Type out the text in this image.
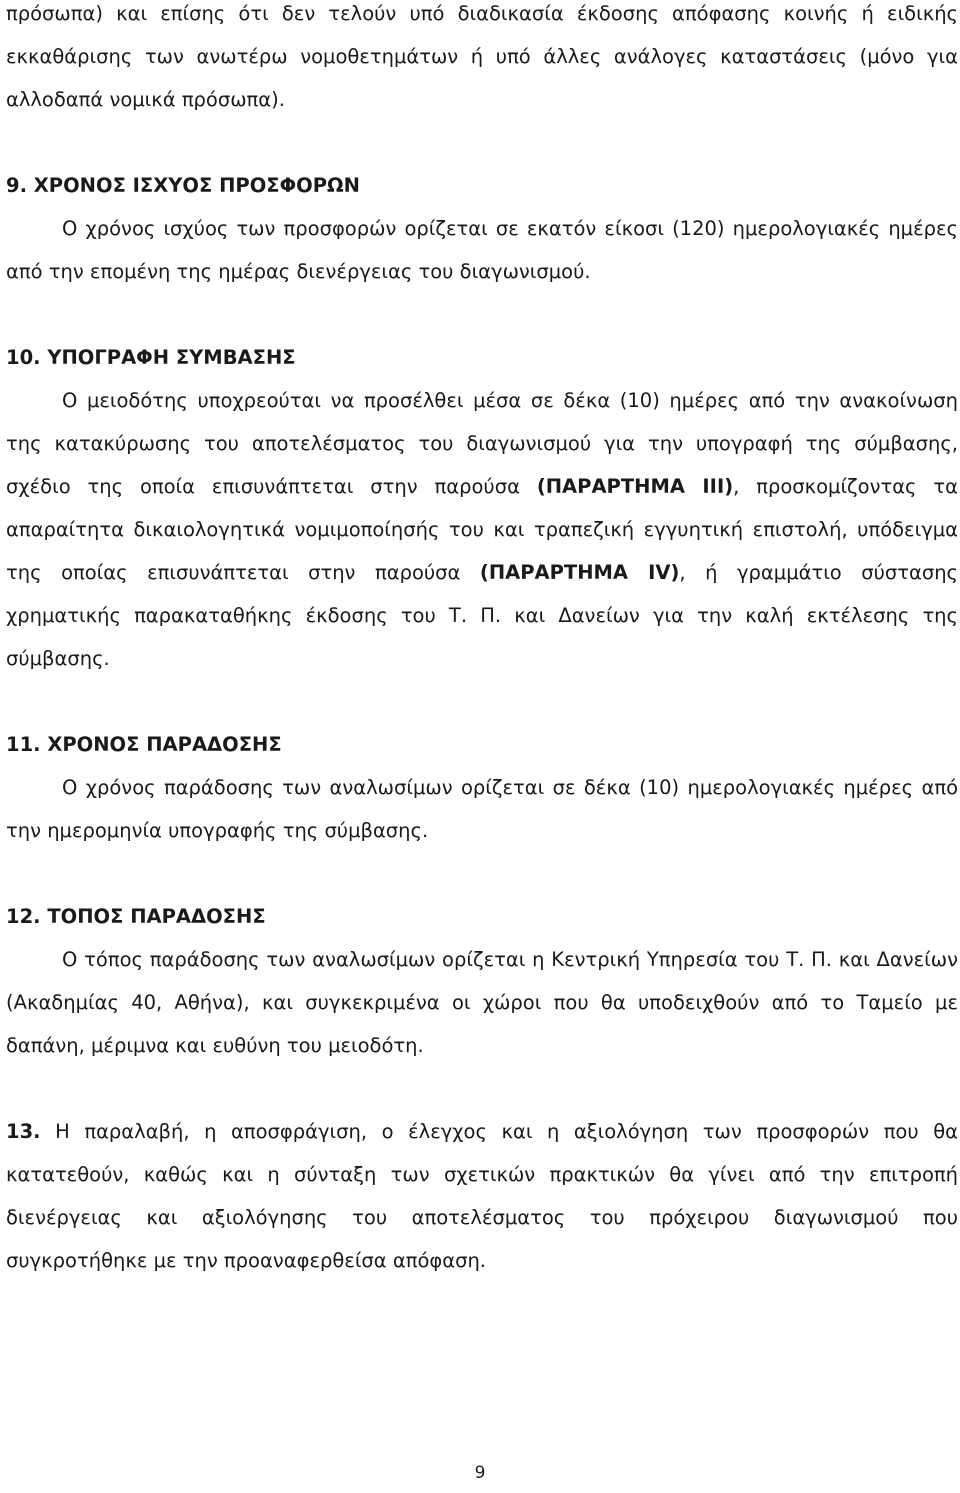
πρόσωπα) και επίσης ότι δεν τελούν υπό διαδικασία έκδοσης απόφασης κοινής ή ειδικής εκκαθάρισης των ανωτέρω νομοθετημάτων ή υπό άλλες ανάλογες καταστάσεις (μόνο για αλλοδαπά νομικά πρόσωπα).

9. ΧΡΟΝΟΣ ΙΣΧΥΟΣ ΠΡΟΣΦΟΡΩΝ

Ο χρόνος ισχύος των προσφορών ορίζεται σε εκατόν είκοσι (120) ημερολογιακές ημέρες από την επομένη της ημέρας διενέργειας του διαγωνισμού.

10. ΥΠΟΓΡΑΦΗ ΣΥΜΒΑΣΗΣ

Ο μειοδότης υποχρεούται να προσέλθει μέσα σε δέκα (10) ημέρες από την ανακοίνωση της κατακύρωσης του αποτελέσματος του διαγωνισμού για την υπογραφή της σύμβασης, σχέδιο της οποία επισυνάπτεται στην παρούσα (ΠΑΡΑΡΤΗΜΑ ΙΙΙ), προσκομίζοντας τα απαραίτητα δικαιολογητικά νομιμοποίησής του και τραπεζική εγγυητική επιστολή, υπόδειγμα της οποίας επισυνάπτεται στην παρούσα (ΠΑΡΑΡΤΗΜΑ IV), ή γραμμάτιο σύστασης χρηματικής παρακαταθήκης έκδοσης του Τ. Π. και Δανείων για την καλή εκτέλεσης της σύμβασης.

11. ΧΡΟΝΟΣ ΠΑΡΑΔΟΣΗΣ

Ο χρόνος παράδοσης των αναλωσίμων ορίζεται σε δέκα (10) ημερολογιακές ημέρες από την ημερομηνία υπογραφής της σύμβασης.

12. ΤΟΠΟΣ ΠΑΡΑΔΟΣΗΣ

Ο τόπος παράδοσης των αναλωσίμων ορίζεται η Κεντρική Υπηρεσία του Τ. Π. και Δανείων (Ακαδημίας 40, Αθήνα), και συγκεκριμένα οι χώροι που θα υποδειχθούν από το Ταμείο με δαπάνη, μέριμνα και ευθύνη του μειοδότη.

13. Η παραλαβή, η αποσφράγιση, ο έλεγχος και η αξιολόγηση των προσφορών που θα κατατεθούν, καθώς και η σύνταξη των σχετικών πρακτικών θα γίνει από την επιτροπή διενέργειας και αξιολόγησης του αποτελέσματος του πρόχειρου διαγωνισμού που συγκροτήθηκε με την προαναφερθείσα απόφαση.

9
